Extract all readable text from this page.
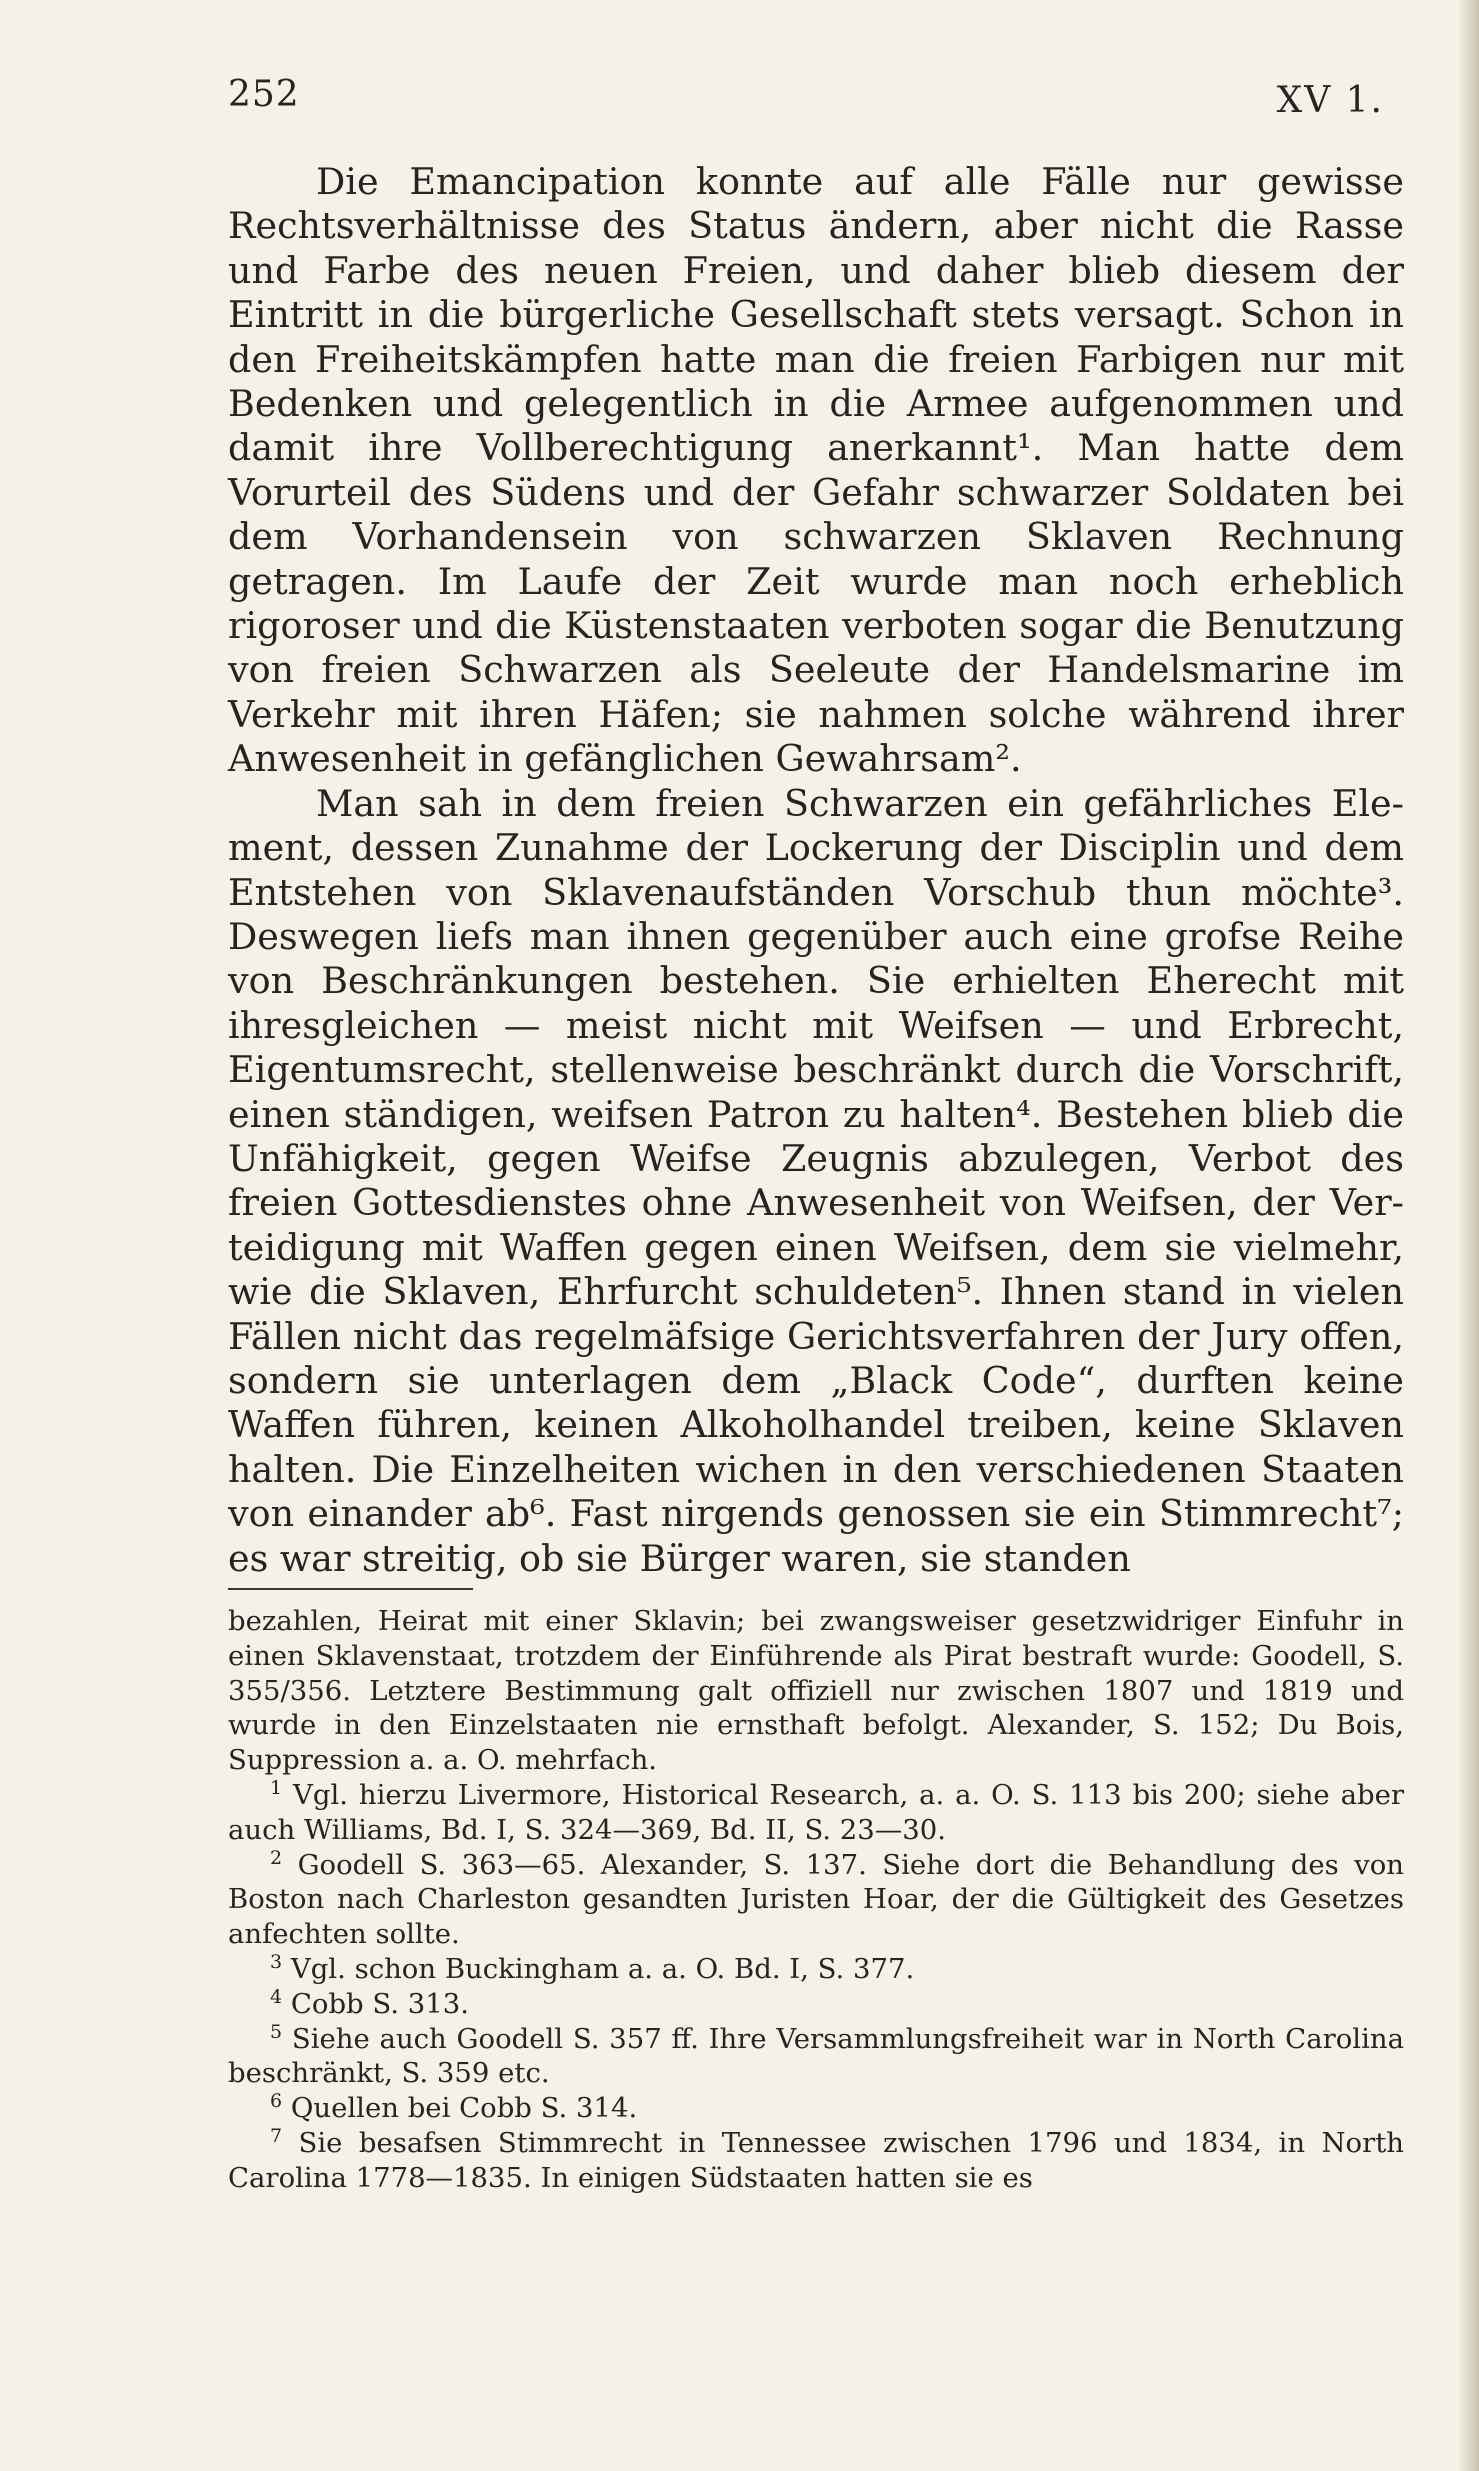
252	XV 1.

Die Emancipation konnte auf alle Fälle nur gewisse Rechtsverhältnisse des Status ändern, aber nicht die Rasse und Farbe des neuen Freien, und daher blieb diesem der Eintritt in die bürgerliche Gesellschaft stets versagt. Schon in den Freiheitskämpfen hatte man die freien Farbigen nur mit Bedenken und gelegentlich in die Armee aufgenommen und damit ihre Vollberechtigung anerkannt¹. Man hatte dem Vorurteil des Südens und der Gefahr schwarzer Soldaten bei dem Vorhandensein von schwarzen Sklaven Rechnung getragen. Im Laufe der Zeit wurde man noch erheblich rigoroser und die Küstenstaaten verboten sogar die Benutzung von freien Schwarzen als Seeleute der Handelsmarine im Verkehr mit ihren Häfen; sie nahmen solche während ihrer Anwesenheit in gefänglichen Gewahrsam².

Man sah in dem freien Schwarzen ein gefährliches Element, dessen Zunahme der Lockerung der Disciplin und dem Entstehen von Sklavenaufständen Vorschub thun möchte³. Deswegen liefs man ihnen gegenüber auch eine grofse Reihe von Beschränkungen bestehen. Sie erhielten Eherecht mit ihresgleichen — meist nicht mit Weifsen — und Erbrecht, Eigentumsrecht, stellenweise beschränkt durch die Vorschrift, einen ständigen, weifsen Patron zu halten⁴. Bestehen blieb die Unfähigkeit, gegen Weifse Zeugnis abzulegen, Verbot des freien Gottesdienstes ohne Anwesenheit von Weifsen, der Verteidigung mit Waffen gegen einen Weifsen, dem sie vielmehr, wie die Sklaven, Ehrfurcht schuldeten⁵. Ihnen stand in vielen Fällen nicht das regelmäfsige Gerichtsverfahren der Jury offen, sondern sie unterlagen dem „Black Code“, durften keine Waffen führen, keinen Alkoholhandel treiben, keine Sklaven halten. Die Einzelheiten wichen in den verschiedenen Staaten von einander ab⁶. Fast nirgends genossen sie ein Stimmrecht⁷; es war streitig, ob sie Bürger waren, sie standen

bezahlen, Heirat mit einer Sklavin; bei zwangsweiser gesetzwidriger Einfuhr in einen Sklavenstaat, trotzdem der Einführende als Pirat bestraft wurde: Goodell, S. 355/356. Letztere Bestimmung galt offiziell nur zwischen 1807 und 1819 und wurde in den Einzelstaaten nie ernsthaft befolgt. Alexander, S. 152; Du Bois, Suppression a. a. O. mehrfach.

$^1$ Vgl. hierzu Livermore, Historical Research, a. a. O. S. 113 bis 200; siehe aber auch Williams, Bd. I, S. 324—369, Bd. II, S. 23—30.

$^2$ Goodell S. 363—65. Alexander, S. 137. Siehe dort die Behandlung des von Boston nach Charleston gesandten Juristen Hoar, der die Gültigkeit des Gesetzes anfechten sollte.

$^3$ Vgl. schon Buckingham a. a. O. Bd. I, S. 377.

$^4$ Cobb S. 313.

$^5$ Siehe auch Goodell S. 357 ff. Ihre Versammlungsfreiheit war in North Carolina beschränkt, S. 359 etc.

$^6$ Quellen bei Cobb S. 314.

$^7$ Sie besafsen Stimmrecht in Tennessee zwischen 1796 und 1834, in North Carolina 1778—1835. In einigen Südstaaten hatten sie es
